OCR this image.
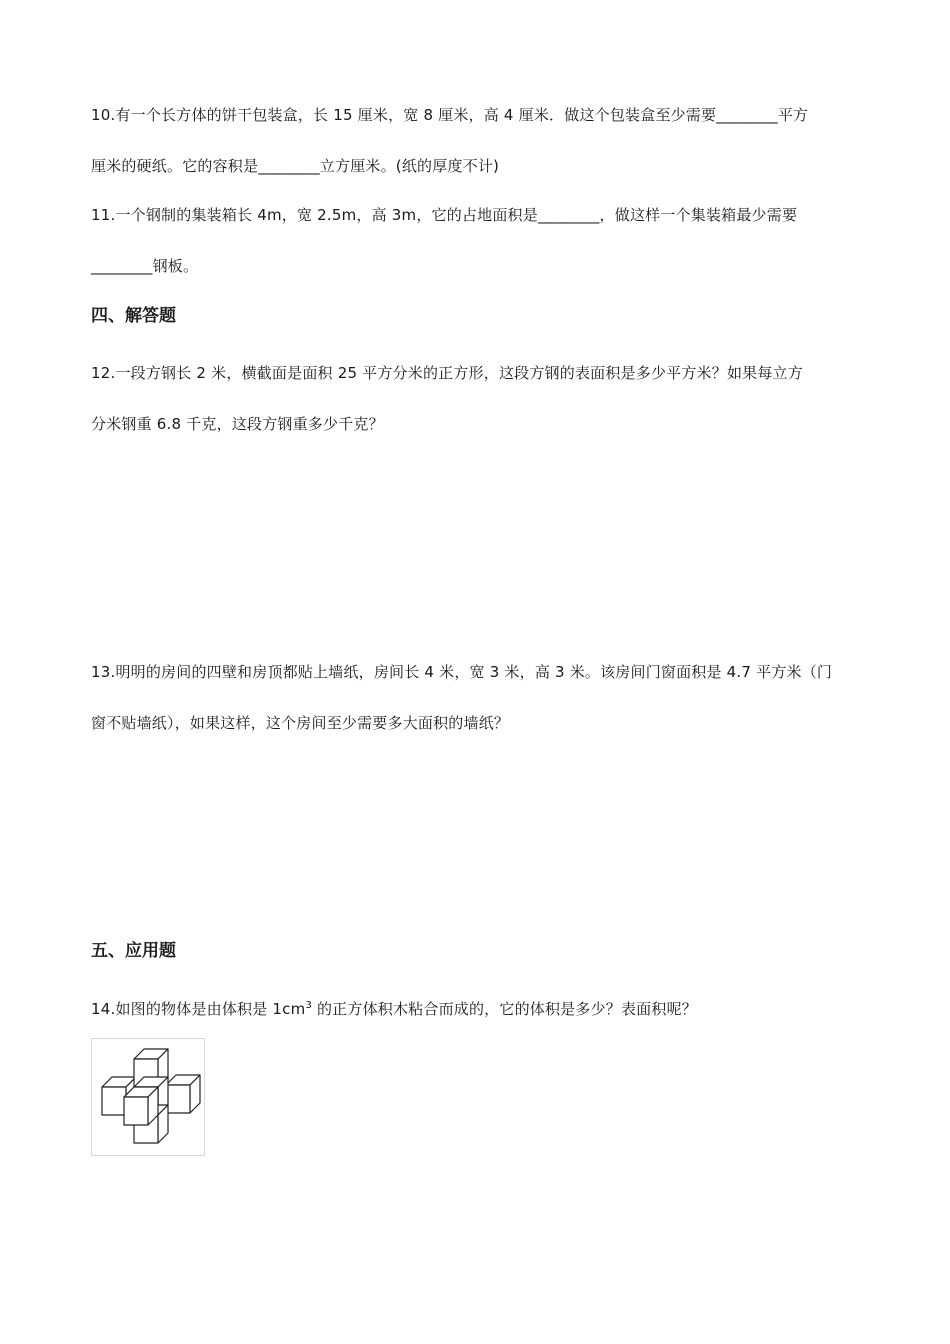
10.有一个长方体的饼干包装盒，长 15 厘米，宽 8 厘米，高 4 厘米．做这个包装盒至少需要________平方
厘米的硬纸。它的容积是________立方厘米。(纸的厚度不计)

11.一个钢制的集装箱长 4m，宽 2.5m，高 3m，它的占地面积是________，做这样一个集装箱最少需要
________钢板。

四、解答题

12.一段方钢长 2 米，横截面是面积 25 平方分米的正方形，这段方钢的表面积是多少平方米？如果每立方
分米钢重 6.8 千克，这段方钢重多少千克？

13.明明的房间的四壁和房顶都贴上墙纸，房间长 4 米，宽 3 米，高 3 米。该房间门窗面积是 4.7 平方米（门
窗不贴墙纸），如果这样，这个房间至少需要多大面积的墙纸？

五、应用题

14.如图的物体是由体积是 $1cm^3$ 的正方体积木粘合而成的，它的体积是多少？表面积呢？
